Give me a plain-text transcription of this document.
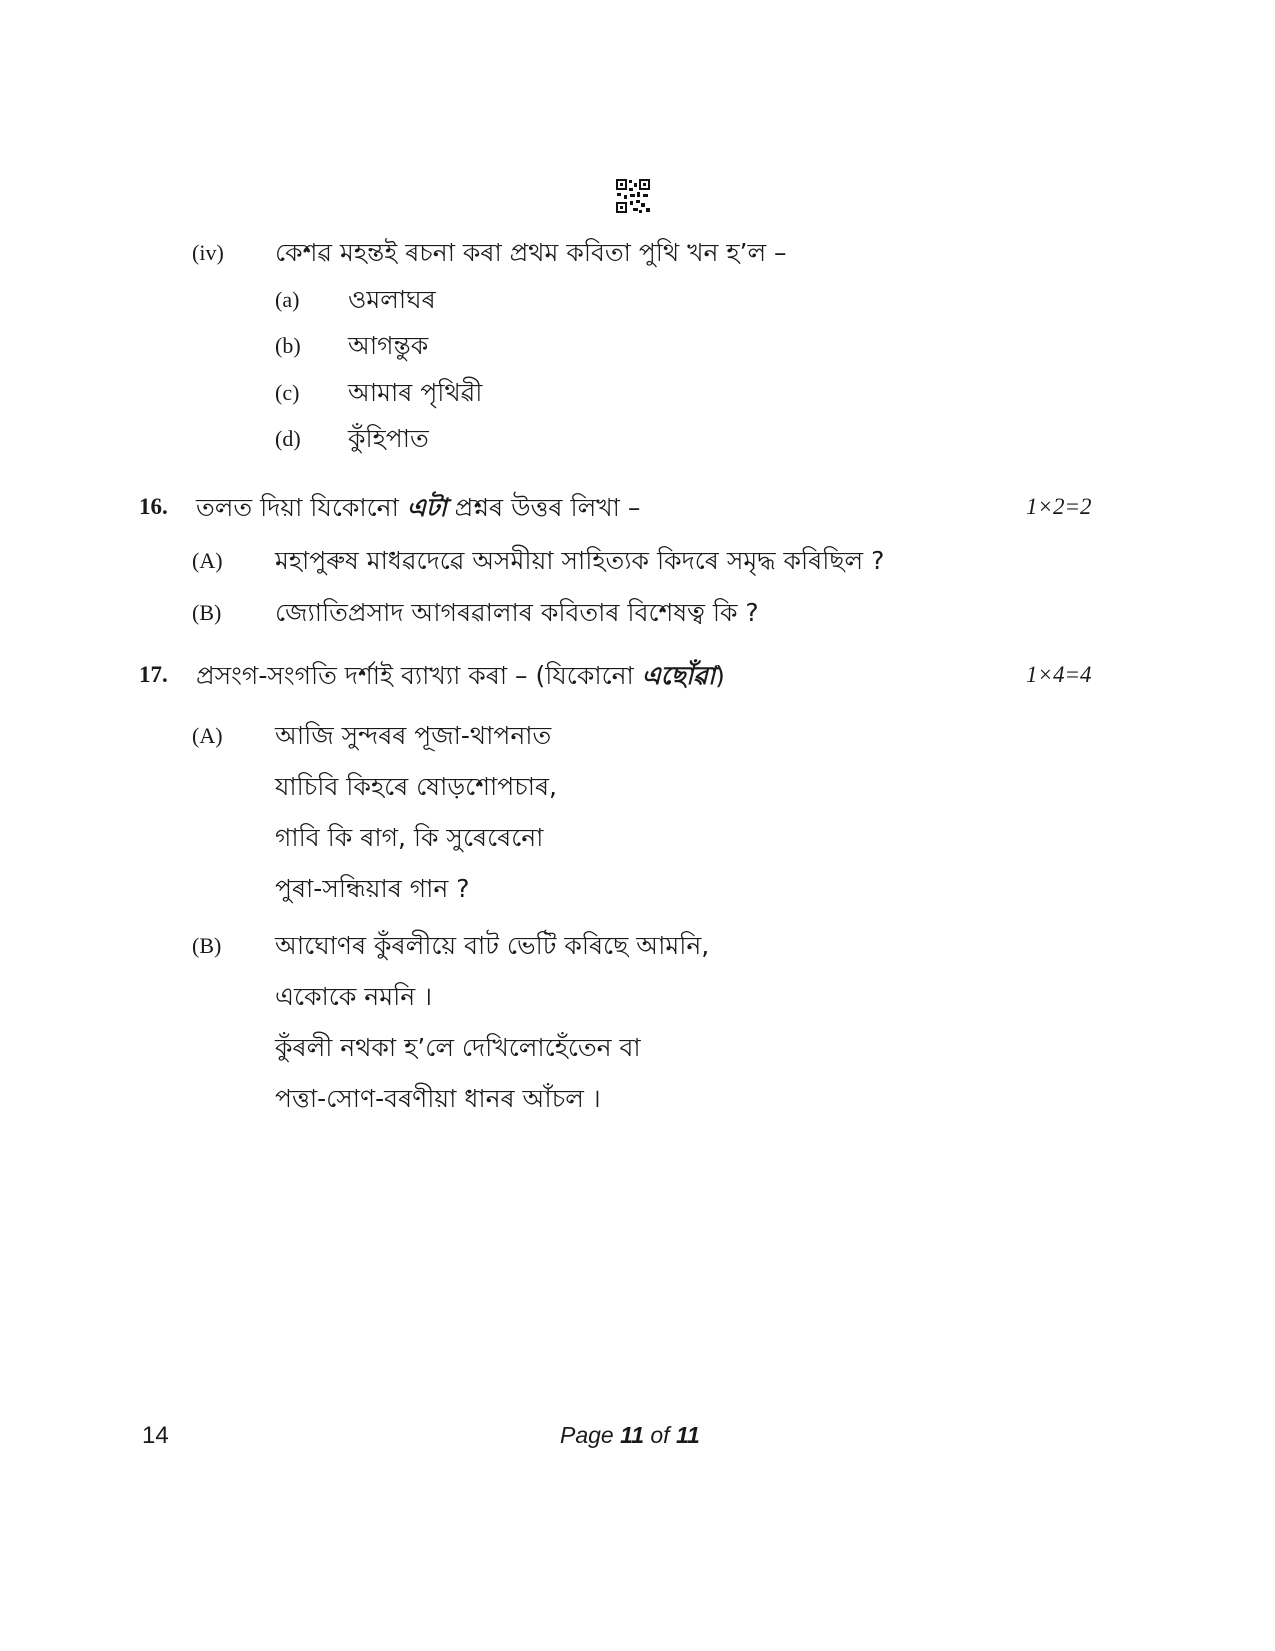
(iv) কেশৱ মহন্তই ৰচনা কৰা প্ৰথম কবিতা পুথি খন হ’ল –
(a) ওমলাঘৰ
(b) আগন্তুক
(c) আমাৰ পৃথিৱী
(d) কুঁহিপাত
16. তলত দিয়া যিকোনো এটা প্ৰশ্নৰ উত্তৰ লিখা –	1×2=2
(A) মহাপুৰুষ মাধৱদেৱে অসমীয়া সাহিত্যক কিদৰে সমৃদ্ধ কৰিছিল ?
(B) জ্যোতিপ্ৰসাদ আগৰৱালাৰ কবিতাৰ বিশেষত্ব কি ?
17. প্ৰসংগ-সংগতি দৰ্শাই ব্যাখ্যা কৰা – (যিকোনো এছোঁৱা)	1×4=4
(A) আজি সুন্দৰৰ পূজা-থাপনাত
যাচিবি কিহৰে ষোড়শোপচাৰ,
গাবি কি ৰাগ, কি সুৰেৰেনো
পুৰা-সন্ধিয়াৰ গান ?
(B) আঘোণৰ কুঁৰলীয়ে বাট ভেটি কৰিছে আমনি,
একোকে নমনি ।
কুঁৰলী নথকা হ’লে দেখিলোহেঁতেন বা
পত্তা-সোণ-বৰণীয়া ধানৰ আঁচল ।
14	Page 11 of 11
